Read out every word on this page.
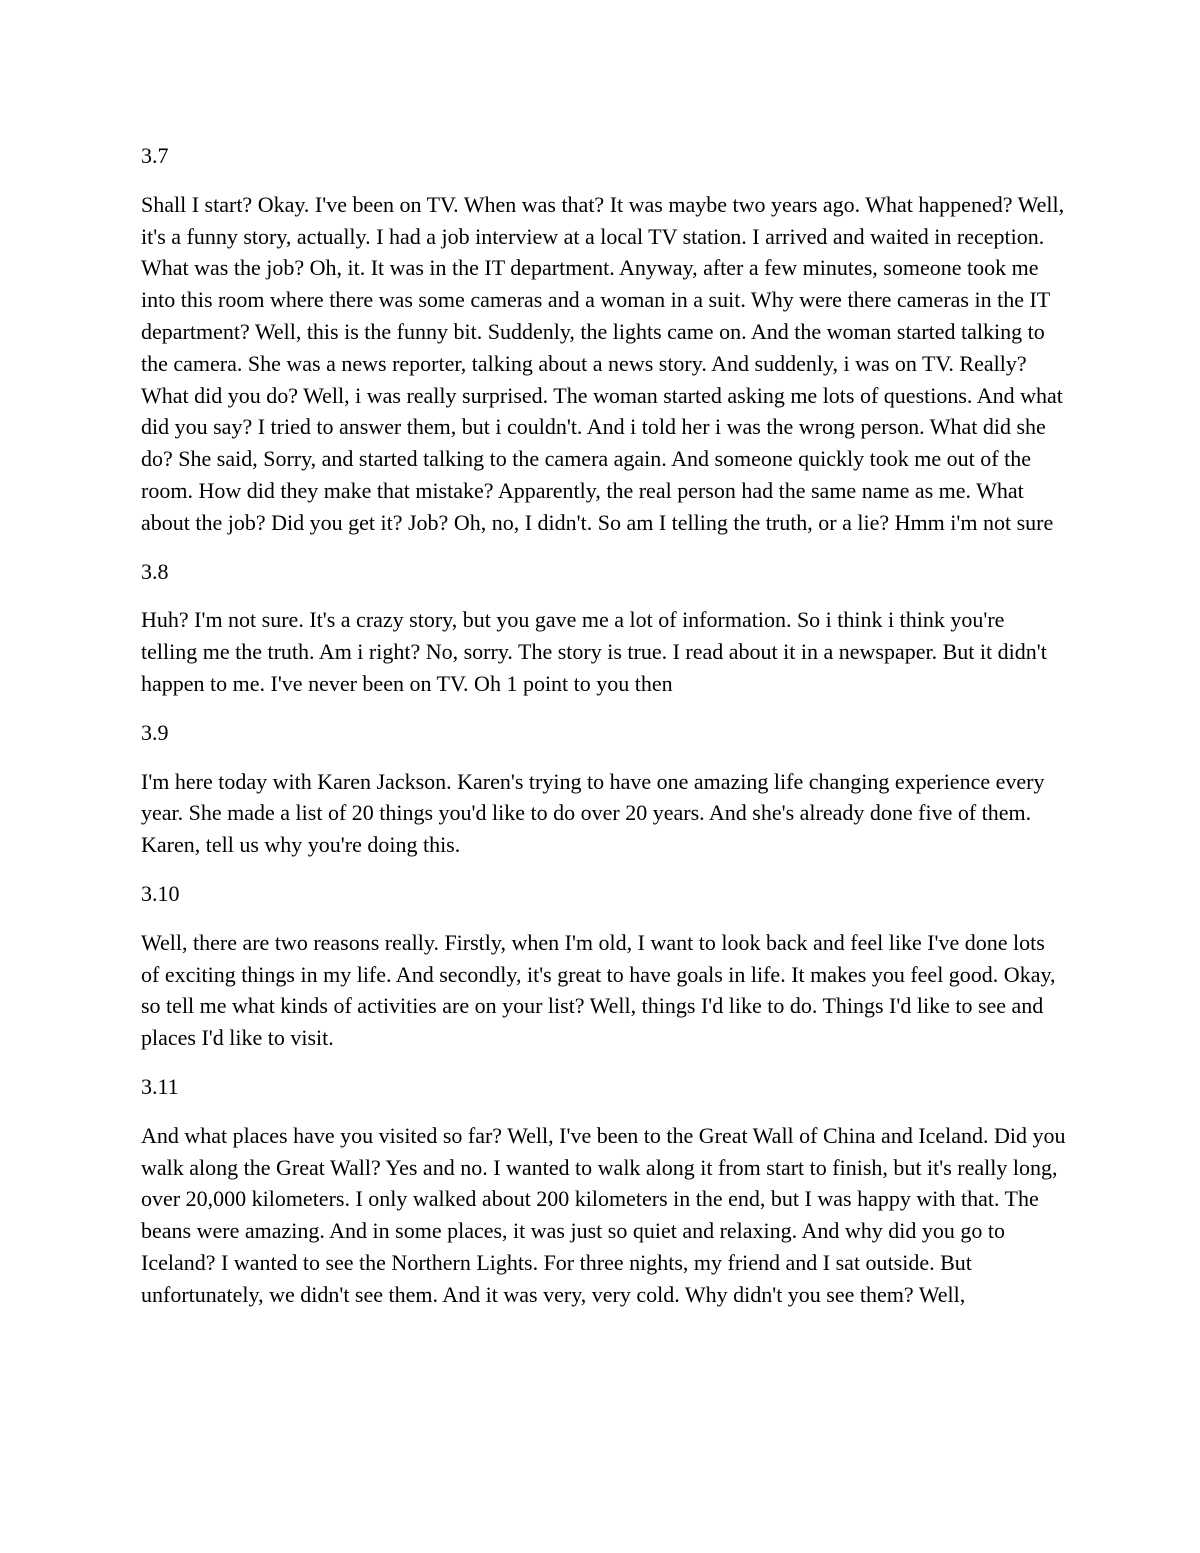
3.7

Shall I start? Okay. I've been on TV. When was that? It was maybe two years ago. What happened? Well, it's a funny story, actually. I had a job interview at a local TV station. I arrived and waited in reception. What was the job? Oh, it. It was in the IT department. Anyway, after a few minutes, someone took me into this room where there was some cameras and a woman in a suit. Why were there cameras in the IT department? Well, this is the funny bit. Suddenly, the lights came on. And the woman started talking to the camera. She was a news reporter, talking about a news story. And suddenly, i was on TV. Really? What did you do? Well, i was really surprised. The woman started asking me lots of questions. And what did you say? I tried to answer them, but i couldn't. And i told her i was the wrong person. What did she do? She said, Sorry, and started talking to the camera again. And someone quickly took me out of the room. How did they make that mistake? Apparently, the real person had the same name as me. What about the job? Did you get it? Job? Oh, no, I didn't. So am I telling the truth, or a lie? Hmm i'm not sure

3.8

Huh? I'm not sure. It's a crazy story, but you gave me a lot of information. So i think i think you're telling me the truth. Am i right? No, sorry. The story is true. I read about it in a newspaper. But it didn't happen to me. I've never been on TV. Oh 1 point to you then

3.9

I'm here today with Karen Jackson. Karen's trying to have one amazing life changing experience every year. She made a list of 20 things you'd like to do over 20 years. And she's already done five of them. Karen, tell us why you're doing this.

3.10

Well, there are two reasons really. Firstly, when I'm old, I want to look back and feel like I've done lots of exciting things in my life. And secondly, it's great to have goals in life. It makes you feel good. Okay, so tell me what kinds of activities are on your list? Well, things I'd like to do. Things I'd like to see and places I'd like to visit.

3.11

And what places have you visited so far? Well, I've been to the Great Wall of China and Iceland. Did you walk along the Great Wall? Yes and no. I wanted to walk along it from start to finish, but it's really long, over 20,000 kilometers. I only walked about 200 kilometers in the end, but I was happy with that. The beans were amazing. And in some places, it was just so quiet and relaxing. And why did you go to Iceland? I wanted to see the Northern Lights. For three nights, my friend and I sat outside. But unfortunately, we didn't see them. And it was very, very cold. Why didn't you see them? Well,
